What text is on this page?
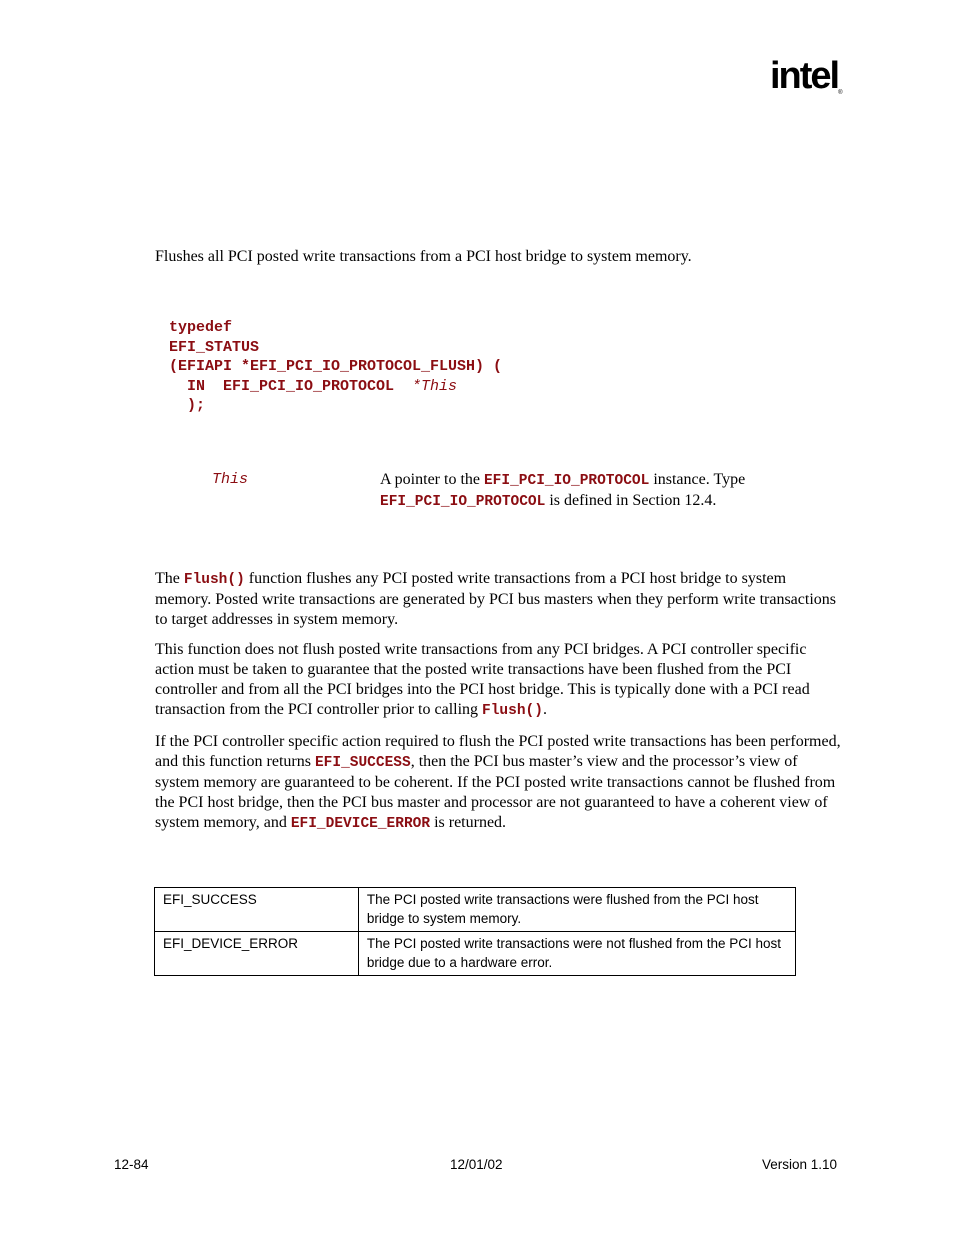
intel®
Flushes all PCI posted write transactions from a PCI host bridge to system memory.
typedef
EFI_STATUS
(EFIAPI *EFI_PCI_IO_PROTOCOL_FLUSH) (
IN  EFI_PCI_IO_PROTOCOL  *This
);
This	A pointer to the EFI_PCI_IO_PROTOCOL instance. Type
EFI_PCI_IO_PROTOCOL is defined in Section 12.4.

The Flush() function flushes any PCI posted write transactions from a PCI host bridge to system memory. Posted write transactions are generated by PCI bus masters when they perform write transactions to target addresses in system memory.

This function does not flush posted write transactions from any PCI bridges. A PCI controller specific action must be taken to guarantee that the posted write transactions have been flushed from the PCI controller and from all the PCI bridges into the PCI host bridge. This is typically done with a PCI read transaction from the PCI controller prior to calling Flush().

If the PCI controller specific action required to flush the PCI posted write transactions has been performed, and this function returns EFI_SUCCESS, then the PCI bus master’s view and the processor’s view of system memory are guaranteed to be coherent. If the PCI posted write transactions cannot be flushed from the PCI host bridge, then the PCI bus master and processor are not guaranteed to have a coherent view of system memory, and EFI_DEVICE_ERROR is returned.

EFI_SUCCESS	The PCI posted write transactions were flushed from the PCI host bridge to system memory.
EFI_DEVICE_ERROR	The PCI posted write transactions were not flushed from the PCI host bridge due to a hardware error.
12-84	12/01/02	Version 1.10
